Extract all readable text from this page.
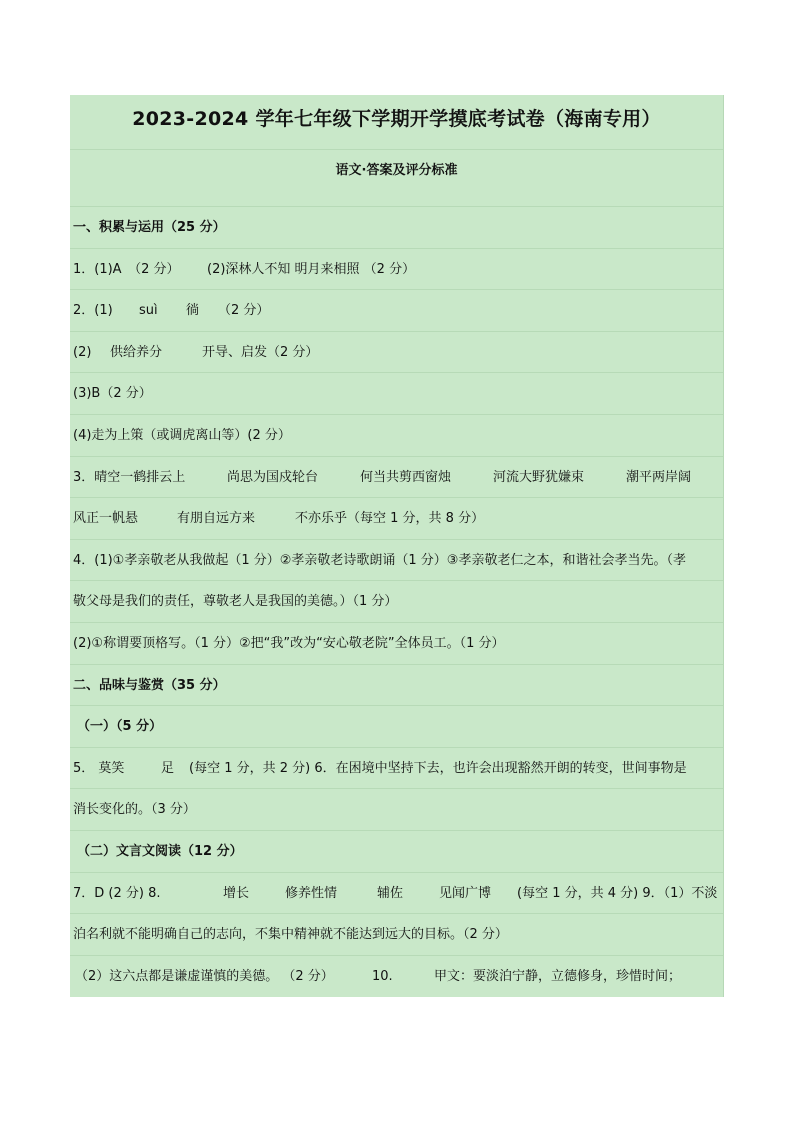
2023-2024 学年七年级下学期开学摸底考试卷（海南专用）
语文·答案及评分标准
一、积累与运用（25 分）
1．(1)A　（2 分） (2)深林人不知 明月来相照 （2 分）
2．(1) suì 徜 （2 分）
(2) 供给养分	开导、启发（2 分）
(3)B（2 分）
(4)走为上策（或调虎离山等）(2 分）
3．晴空一鹤排云上	尚思为国戍轮台	何当共剪西窗烛	河流大野犹嫌束	潮平两岸阔
风正一帆悬	有朋自远方来	不亦乐乎（每空 1 分，共 8 分）
4．(1)①孝亲敬老从我做起（1 分）②孝亲敬老诗歌朗诵（1 分）③孝亲敬老仁之本，和谐社会孝当先。（孝
敬父母是我们的责任，尊敬老人是我国的美德。）（1 分）
(2)①称谓要顶格写。（1 分）②把“我”改为“安心敬老院”全体员工。（1 分）
二、品味与鉴赏（35 分）
（一）（5 分）
5． 莫笑	足 (每空 1 分，共 2 分) 6．在困境中坚持下去，也许会出现豁然开朗的转变，世间事物是
消长变化的。（3 分）
（二）文言文阅读（12 分）
7．D (2 分) 8.	增长	修养性情	辅佐	见闻广博 (每空 1 分，共 4 分) 9．（1）不淡
泊名利就不能明确自己的志向，不集中精神就不能达到远大的目标。（2 分）
（2）这六点都是谦虚谨慎的美德。 （2 分）	10.	甲文：要淡泊宁静，立德修身，珍惜时间；
